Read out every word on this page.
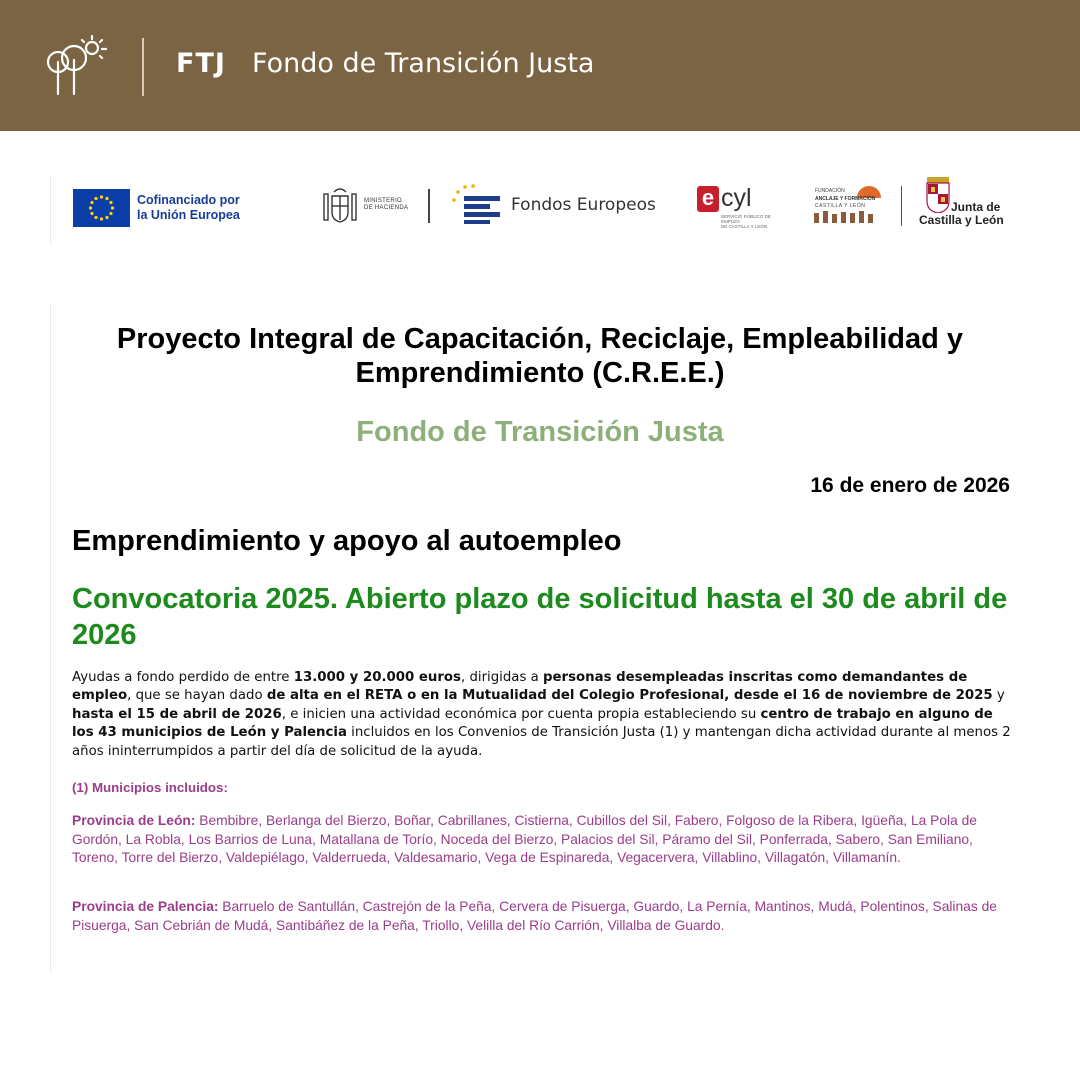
FTJ Fondo de Transición Justa
Cofinanciado por
la Unión Europea
MINISTERIO
DE HACIENDA	Fondos Europeos e cyl
SERVICIO PÚBLICO DE EMPLEO
DE CASTILLA Y LEÓN
FUNDACIÓN
ANCLAJE Y FORMACIÓN
CASTILLA Y LEÓN	Junta de
Castilla y León
Proyecto Integral de Capacitación, Reciclaje, Empleabilidad y Emprendimiento (C.R.E.E.)
Fondo de Transición Justa
16 de enero de 2026
Emprendimiento y apoyo al autoempleo
Convocatoria 2025. Abierto plazo de solicitud hasta el 30 de abril de 2026
Ayudas a fondo perdido de entre 13.000 y 20.000 euros, dirigidas a personas desempleadas inscritas como demandantes de empleo, que se hayan dado de alta en el RETA o en la Mutualidad del Colegio Profesional, desde el 16 de noviembre de 2025 y hasta el 15 de abril de 2026, e inicien una actividad económica por cuenta propia estableciendo su centro de trabajo en alguno de los 43 municipios de León y Palencia incluidos en los Convenios de Transición Justa (1) y mantengan dicha actividad durante al menos 2 años ininterrumpidos a partir del día de solicitud de la ayuda.
(1) Municipios incluidos:
Provincia de León: Bembibre, Berlanga del Bierzo, Boñar, Cabrillanes, Cistierna, Cubillos del Sil, Fabero, Folgoso de la Ribera, Igüeña, La Pola de Gordón, La Robla, Los Barrios de Luna, Matallana de Torío, Noceda del Bierzo, Palacios del Sil, Páramo del Sil, Ponferrada, Sabero, San Emiliano, Toreno, Torre del Bierzo, Valdepiélago, Valderrueda, Valdesamario, Vega de Espinareda, Vegacervera, Villablino, Villagatón, Villamanín.
Provincia de Palencia: Barruelo de Santullán, Castrejón de la Peña, Cervera de Pisuerga, Guardo, La Pernía, Mantinos, Mudá, Polentinos, Salinas de Pisuerga, San Cebrián de Mudá, Santibáñez de la Peña, Triollo, Velilla del Río Carrión, Villalba de Guardo.
